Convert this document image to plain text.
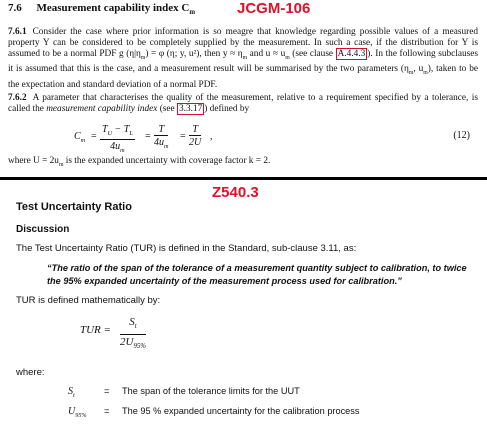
7.6 Measurement capability index $C_m$	JCGM-106
7.6.1 Consider the case where prior information is so meagre that knowledge regarding possible values of a measured property Y can be considered to be completely supplied by the measurement. In such a case, if the distribution for Y is assumed to be a normal PDF g $(\eta|\eta_m) = \varphi$ (η; y, u²), then $y \approx \eta_m$ and $u \approx u_m$ (see clause A.4.4.3 ). In the following subclauses it is assumed that this is the case, and a measurement result will be summarised by the two parameters ($\eta_m$, $u_m$), taken to be the expectation and standard deviation of a normal PDF.
7.6.2 A parameter that characterises the quality of the measurement, relative to a requirement specified by a tolerance, is called the measurement capability index (see 3.3.17 ) defined by
$C_m = \frac{T_U - T_L}{4u_m} = \frac{T}{4u_m} = \frac{T}{2U}$ ,	(12)
where $U = 2u_m$ is the expanded uncertainty with coverage factor k = 2.
Z540.3
Test Uncertainty Ratio
Discussion
The Test Uncertainty Ratio (TUR) is defined in the Standard, sub-clause 3.11, as:
“The ratio of the span of the tolerance of a measurement quantity subject to calibration, to twice the 95% expanded uncertainty of the measurement process used for calibration.”
TUR is defined mathematically by:
TUR =
$S_t$
$2U_{95\%}$
where:
$S_t$	= The span of the tolerance limits for the UUT
$U_{95\%}$ = The 95 % expanded uncertainty for the calibration process
